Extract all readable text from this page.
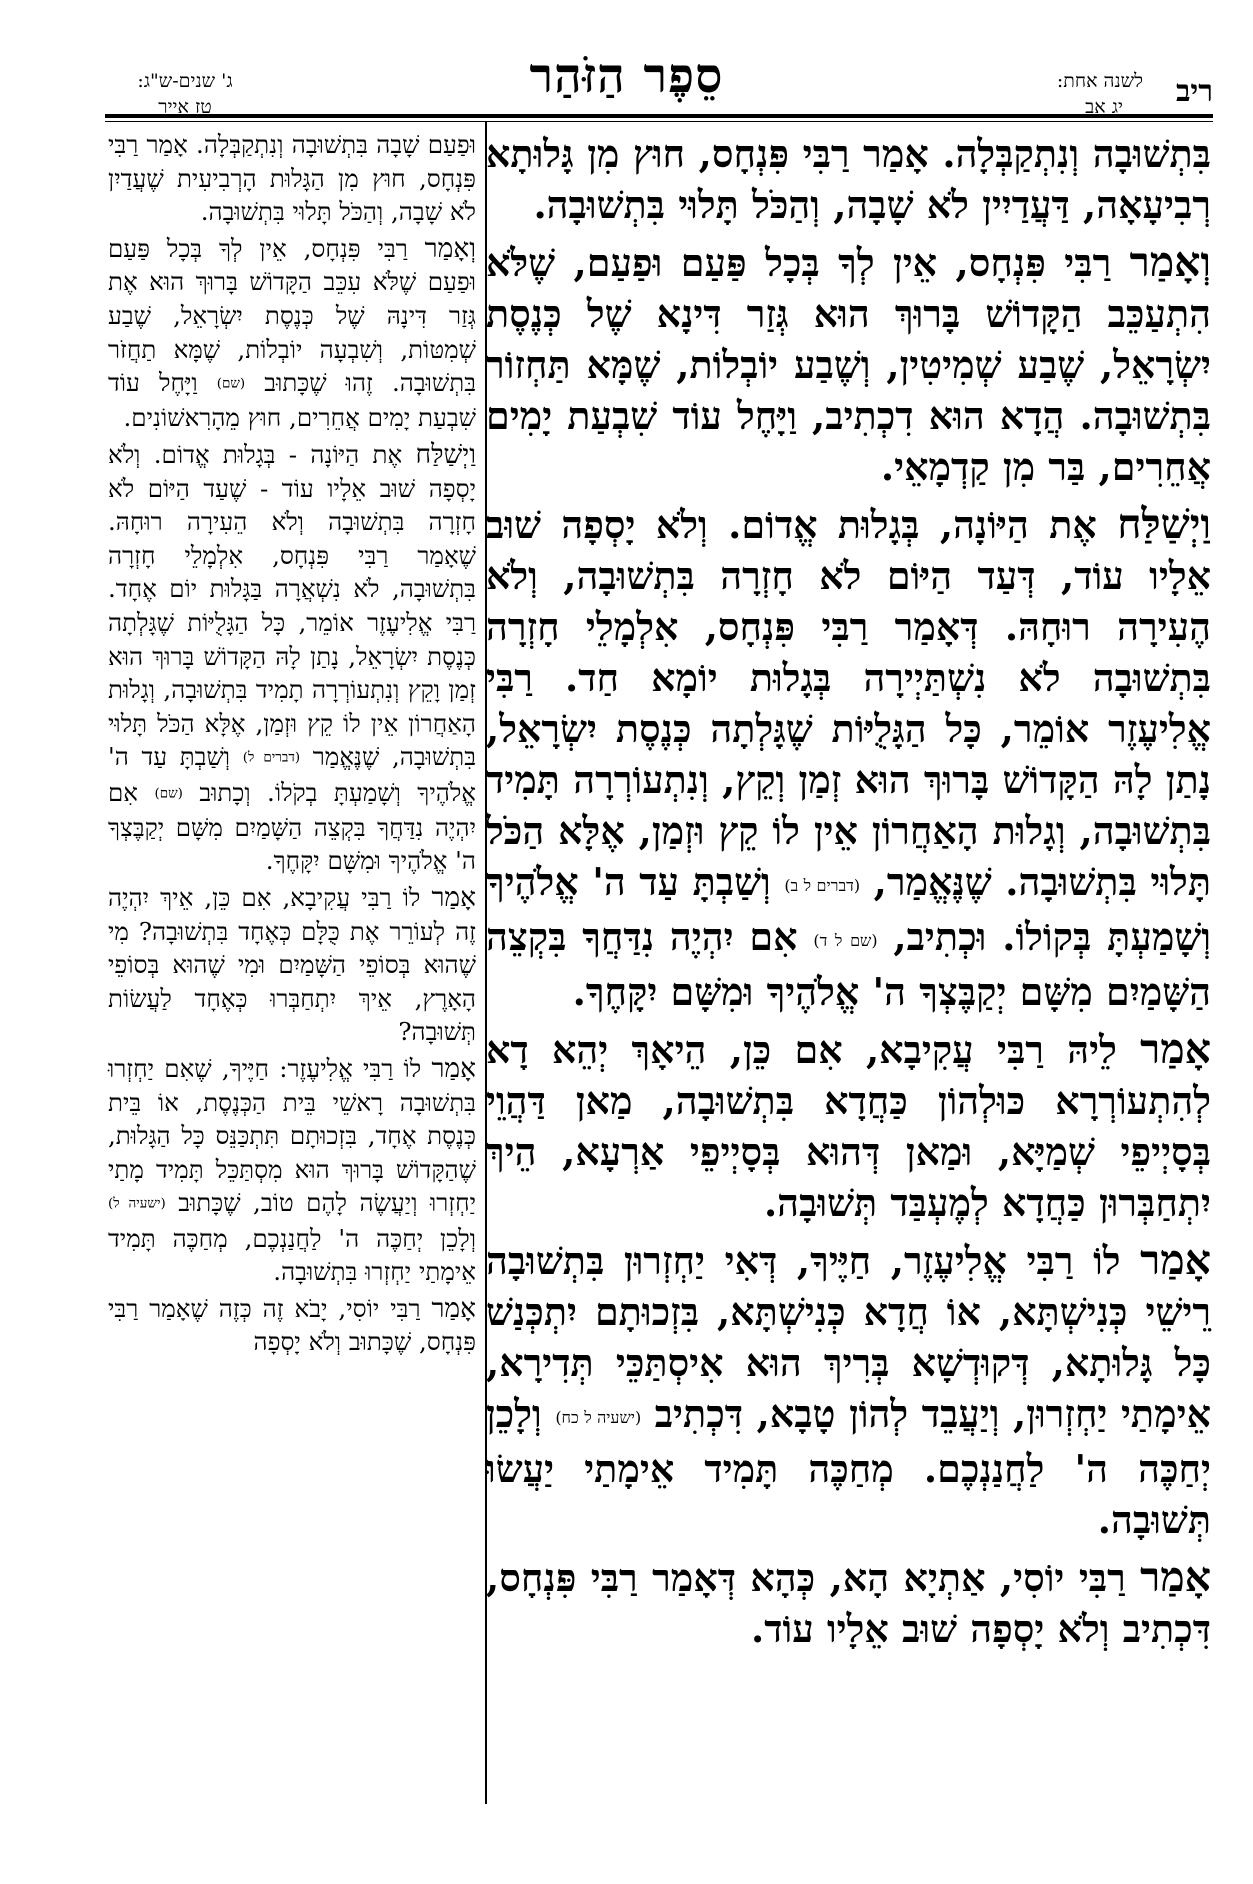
ריב
לשנה אחת:
יג אב
סֵפֶר הַזֹּהַר
ג' שנים-ש"ג:
טז אייר

בִּתְשׁוּבָה וְנִתְקַבְּלָה. אָמַר רַבִּי פִּנְחָס, חוּץ מִן גָּלוּתָא רְבִיעָאָה, דַּעֲדַיִין לֹא שָׁבָה, וְהַכֹּל תָּלוּי בִּתְשׁוּבָה.

וְאָמַר רַבִּי פִּנְחָס, אֵין לְךָ בְּכָל פַּעַם וּפַעַם, שֶׁלֹּא הִתְעַכֵּב הַקָּדוֹשׁ בָּרוּךְ הוּא גְּזַר דִּינָא שֶׁל כְּנֶסֶת יִשְׂרָאֵל, שֶׁבַע שְׁמִיטִין, וְשֶׁבַע יוֹבְלוֹת, שֶׁמָּא תַּחְזוֹר בִּתְשׁוּבָה. הֲדָא הוּא דִכְתִיב, וַיָּחֶל עוֹד שִׁבְעַת יָמִים אֲחֵרִים, בַּר מִן קַדְמָאֵי.

וַיְשַׁלַּח אֶת הַיּוֹנָה, בְּגָלוּת אֱדוֹם. וְלֹא יָסְפָה שׁוּב אֵלָיו עוֹד, דְּעַד הַיּוֹם לֹא חָזְרָה בִּתְשׁוּבָה, וְלֹא הֶעִירָה רוּחָהּ. דְּאָמַר רַבִּי פִּנְחָס, אִלְמָלֵי חָזְרָה בִּתְשׁוּבָה לֹא נִשְׁתַּיְירָה בְּגָלוּת יוֹמָא חַד. רַבִּי אֱלִיעֶזֶר אוֹמֵר, כָּל הַגָּלֻיּוֹת שֶׁגָּלְתָה כְּנֶסֶת יִשְׂרָאֵל, נָתַן לָהּ הַקָּדוֹשׁ בָּרוּךְ הוּא זְמַן וְקֵץ, וְנִתְעוֹרְרָה תָּמִיד בִּתְשׁוּבָה, וְגָלוּת הָאַחֲרוֹן אֵין לוֹ קֵץ וּזְמַן, אֶלָּא הַכֹּל תָּלוּי בִּתְשׁוּבָה. שֶׁנֶּאֱמַר, (דברים ל ב) וְשַׁבְתָּ עַד ה' אֱלֹהֶיךָ וְשָׁמַעְתָּ בְּקוֹלוֹ. וּכְתִיב, (שם ל ד) אִם יִהְיֶה נִדַּחֲךָ בִּקְצֵה הַשָּׁמַיִם מִשָּׁם יְקַבֶּצְךָ ה' אֱלֹהֶיךָ וּמִשָּׁם יִקָּחֶךָ.

אָמַר לֵיהּ רַבִּי עֲקִיבָא, אִם כֵּן, הֵיאָךְ יְהֵא דָא לְהִתְעוֹרְרָא כּוּלְהוֹן כַּחֲדָא בִּתְשׁוּבָה, מַאן דַּהֲוֵי בְּסָיְיפֵי שְׁמַיָּא, וּמַאן דְּהוּא בְּסָיְיפֵי אַרְעָא, הֵיךְ יִתְחַבְּרוּן כַּחֲדָא לְמֶעְבַּד תְּשׁוּבָה.

אָמַר לוֹ רַבִּי אֱלִיעֶזֶר, חַיֶּיךָ, דְּאִי יַחְזְרוּן בִּתְשׁוּבָה רֵישֵׁי כְּנִישְׁתָּא, אוֹ חֲדָא כְּנִישְׁתָּא, בִּזְכוּתָם יִתְכְּנַשׁ כָּל גָּלוּתָא, דְּקוּדְשָׁא בְּרִיךְ הוּא אִיסְתַּכֵּי תְּדִירָא, אֵימָתַי יַחְזְרוּן, וְיַעֲבֵד לְהוֹן טָבָא, דִּכְתִיב (ישעיה ל כח) וְלָכֵן יְחַכֶּה ה' לַחֲנַנְכֶם. מְחַכֶּה תָּמִיד אֵימָתַי יַעֲשׂוּ תְּשׁוּבָה.

אָמַר רַבִּי יוֹסִי, אַתְיָא הָא, כְּהָא דְּאָמַר רַבִּי פִּנְחָס, דִּכְתִיב וְלֹא יָסְפָה שׁוּב אֵלָיו עוֹד.

וּפַעַם שָׁבָה בִּתְשׁוּבָה וְנִתְקַבְּלָה. אָמַר רַבִּי פִּנְחָס, חוּץ מִן הַגָּלוּת הָרְבִיעִית שֶׁעֲדַיִן לֹא שָׁבָה, וְהַכֹּל תָּלוּי בִּתְשׁוּבָה.

וְאָמַר רַבִּי פִּנְחָס, אֵין לְךָ בְּכָל פַּעַם וּפַעַם שֶׁלֹּא עִכֵּב הַקָּדוֹשׁ בָּרוּךְ הוּא אֶת גְּזַר דִּינָהּ שֶׁל כְּנֶסֶת יִשְׂרָאֵל, שֶׁבַע שְׁמִטּוֹת, וְשִׁבְעָה יוֹבְלוֹת, שֶׁמָּא תַחֲזֹר בִּתְשׁוּבָה. זֶהוּ שֶׁכָּתוּב (שם) וַיָּחֶל עוֹד שִׁבְעַת יָמִים אֲחֵרִים, חוּץ מֵהָרִאשׁוֹנִים.

וַיְשַׁלַּח אֶת הַיּוֹנָה - בְּגָלוּת אֱדוֹם. וְלֹא יָסְפָה שׁוּב אֵלָיו עוֹד - שֶׁעַד הַיּוֹם לֹא חָזְרָה בִּתְשׁוּבָה וְלֹא הֵעִירָה רוּחָהּ. שֶׁאָמַר רַבִּי פִּנְחָס, אִלְמָלֵי חָזְרָה בִּתְשׁוּבָה, לֹא נִשְׁאֲרָה בַּגָּלוּת יוֹם אֶחָד. רַבִּי אֱלִיעֶזֶר אוֹמֵר, כָּל הַגָּלֻיּוֹת שֶׁגָּלְתָה כְּנֶסֶת יִשְׂרָאֵל, נָתַן לָהּ הַקָּדוֹשׁ בָּרוּךְ הוּא זְמַן וָקֵץ וְנִתְעוֹרְרָה תָמִיד בִּתְשׁוּבָה, וְגָלוּת הָאַחֲרוֹן אֵין לוֹ קֵץ וּזְמַן, אֶלָּא הַכֹּל תָּלוּי בִּתְשׁוּבָה, שֶׁנֶּאֱמַר (דברים ל) וְשַׁבְתָּ עַד ה' אֱלֹהֶיךָ וְשָׁמַעְתָּ בְקֹלוֹ. וְכָתוּב (שם) אִם יִהְיֶה נִדַּחֲךָ בִּקְצֵה הַשָּׁמַיִם מִשָּׁם יְקַבֶּצְךָ ה' אֱלֹהֶיךָ וּמִשָּׁם יִקָּחֶךָ.

אָמַר לוֹ רַבִּי עֲקִיבָא, אִם כֵּן, אֵיךְ יִהְיֶה זֶה לְעוֹרֵר אֶת כֻּלָּם כְּאֶחָד בִּתְשׁוּבָה? מִי שֶׁהוּא בְּסוֹפֵי הַשָּׁמַיִם וּמִי שֶׁהוּא בְּסוֹפֵי הָאָרֶץ, אֵיךְ יִתְחַבְּרוּ כְּאֶחָד לַעֲשׂוֹת תְּשׁוּבָה?

אָמַר לוֹ רַבִּי אֱלִיעֶזֶר: חַיֶּיךָ, שֶׁאִם יַחְזְרוּ בִּתְשׁוּבָה רָאשֵׁי בֵּית הַכְּנֶסֶת, אוֹ בֵּית כְּנֶסֶת אֶחָד, בִּזְכוּתָם תִּתְכַּנֵּס כָּל הַגָּלוּת, שֶׁהַקָּדוֹשׁ בָּרוּךְ הוּא מִסְתַּכֵּל תָּמִיד מָתַי יַחְזְרוּ וְיַעֲשֶׂה לָהֶם טוֹב, שֶׁכָּתוּב (ישעיה ל) וְלָכֵן יְחַכֶּה ה' לַחֲנַנְכֶם, מְחַכֶּה תָּמִיד אֵימָתַי יַחְזְרוּ בִּתְשׁוּבָה.

אָמַר רַבִּי יוֹסִי, יָבֹא זֶה כְּזֶה שֶׁאָמַר רַבִּי פִּנְחָס, שֶׁכָּתוּב וְלֹא יָסְפָה
